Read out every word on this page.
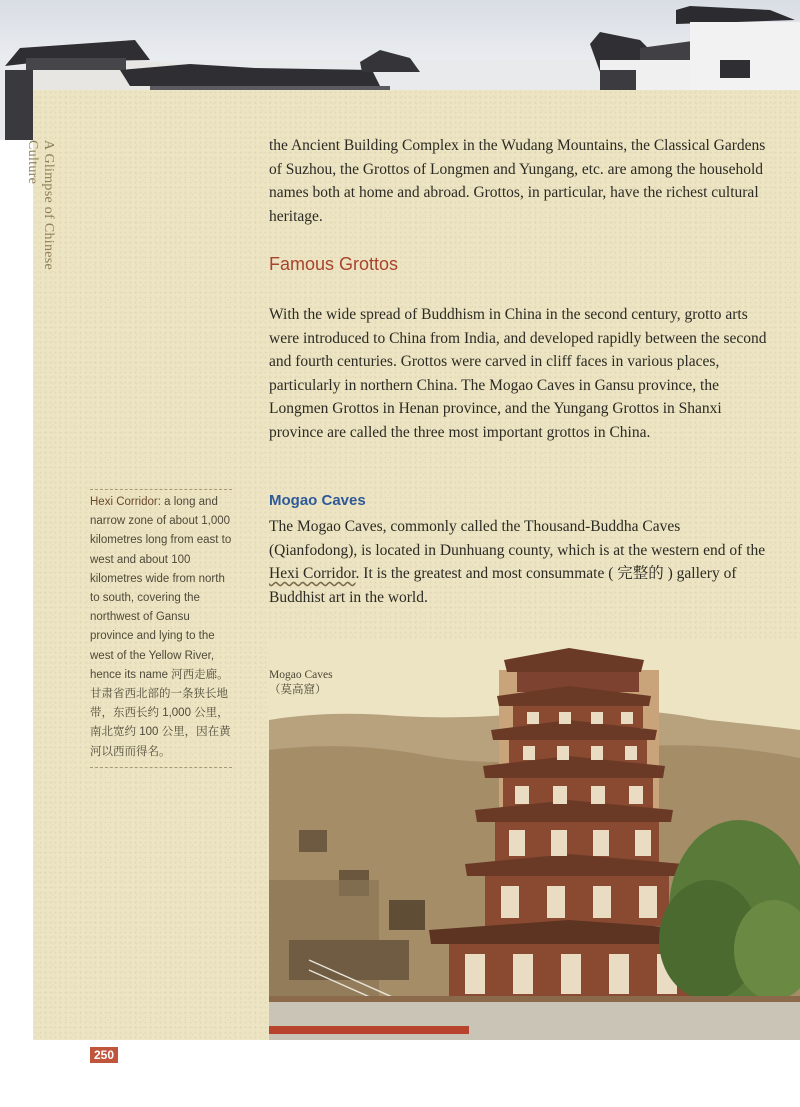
A Glimpse of Chinese Culture	the Ancient Building Complex in the Wudang Mountains, the Classical Gardens of Suzhou, the Grottos of Longmen and Yungang, etc. are among the household names both at home and abroad. Grottos, in particular, have the richest cultural heritage.

Famous Grottos

With the wide spread of Buddhism in China in the second century, grotto arts were introduced to China from India, and developed rapidly between the second and fourth centuries. Grottos were carved in cliff faces in various places, particularly in northern China. The Mogao Caves in Gansu province, the Longmen Grottos in Henan province, and the Yungang Grottos in Shanxi province are called the three most important grottos in China.

Mogao Caves

The Mogao Caves, commonly called the Thousand-Buddha Caves (Qianfodong), is located in Dunhuang county, which is at the western end of the Hexi Corridor. It is the greatest and most consummate ( 完整的 ) gallery of Buddhist art in the world.

Hexi Corridor: a long and narrow zone of about 1,000 kilometres long from east to west and about 100 kilometres wide from north to south, covering the northwest of Gansu province and lying to the west of the Yellow River, hence its name 河西走廊。甘肃省西北部的一条狭长地带，东西长约 1,000 公里，南北宽约 100 公里，因在黄河以西而得名。
Mogao Caves
（莫高窟）
250
